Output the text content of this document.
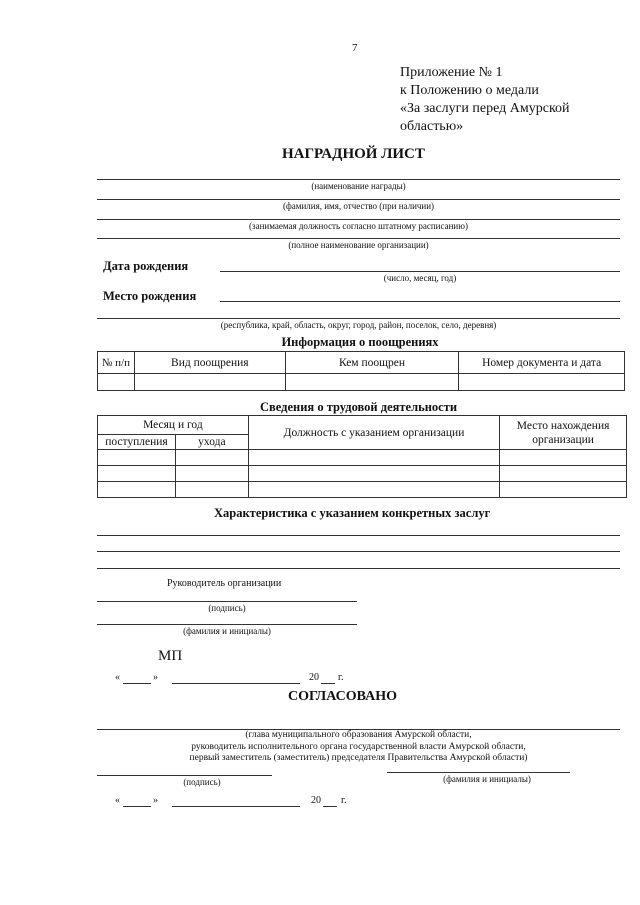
7
Приложение № 1
к Положению о медали
«За заслуги перед Амурской
областью»
НАГРАДНОЙ ЛИСТ
(наименование награды)
(фамилия, имя, отчество (при наличии)
(занимаемая должность согласно штатному расписанию)
(полное наименование организации)
Дата рождения
(число, месяц, год)
Место рождения
(республика, край, область, округ, город, район, поселок, село, деревня)
Информация о поощрениях
№ п/п	Вид поощрения	Кем поощрен	Номер документа и дата

Сведения о трудовой деятельности
Месяц и год		Должность с указанием организации	Место нахождения организации
поступления	ухода		

Характеристика с указанием конкретных заслуг
Руководитель организации
(подпись)
(фамилия и инициалы)
МП
«	»	20 г.
СОГЛАСОВАНО
(глава муниципального образования Амурской области,
руководитель исполнительного органа государственной власти Амурской области,
первый заместитель (заместитель) председателя Правительства Амурской области)
(подпись)	(фамилия и инициалы)
«	»	20 г.
